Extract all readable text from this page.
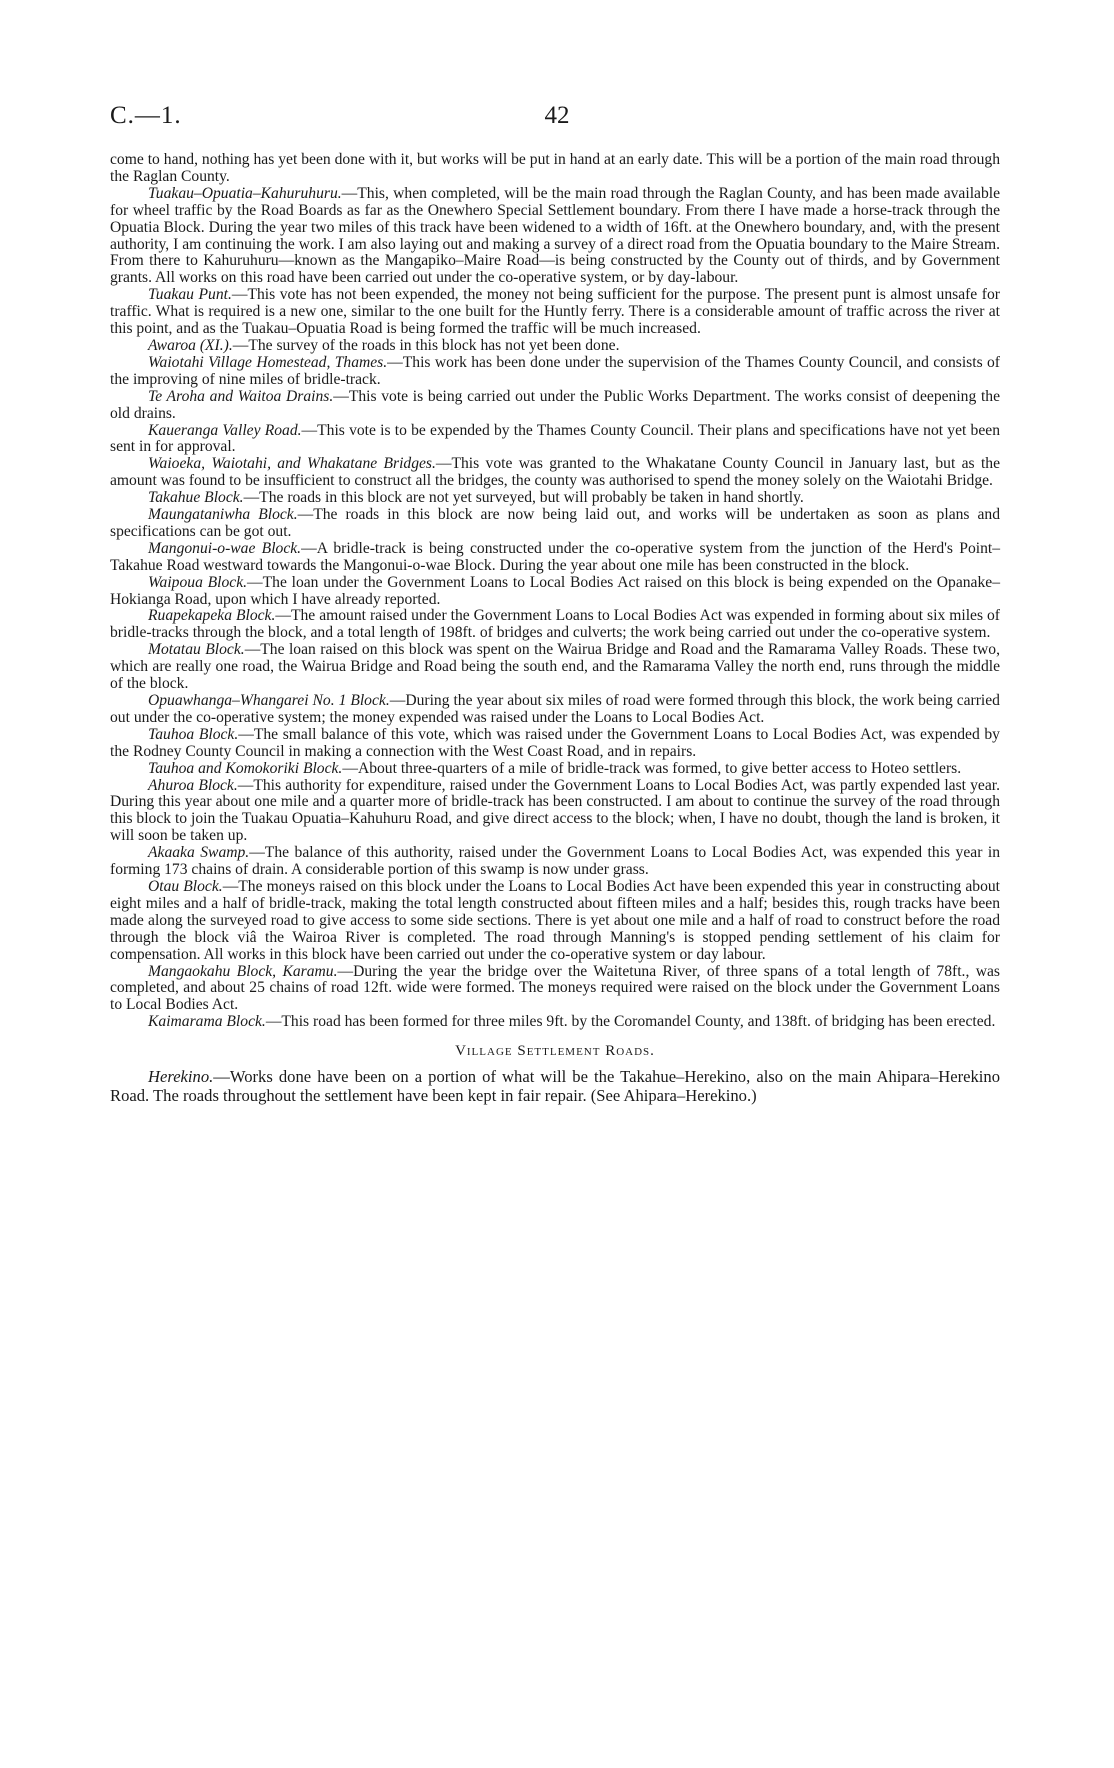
C.—1.	42

come to hand, nothing has yet been done with it, but works will be put in hand at an early date. This will be a portion of the main road through the Raglan County.

Tuakau–Opuatia–Kahuruhuru.—This, when completed, will be the main road through the Raglan County, and has been made available for wheel traffic by the Road Boards as far as the Onewhero Special Settlement boundary. From there I have made a horse-track through the Opuatia Block. During the year two miles of this track have been widened to a width of 16ft. at the Onewhero boundary, and, with the present authority, I am continuing the work. I am also laying out and making a survey of a direct road from the Opuatia boundary to the Maire Stream. From there to Kahuruhuru—known as the Mangapiko–Maire Road—is being constructed by the County out of thirds, and by Government grants. All works on this road have been carried out under the co-operative system, or by day-labour.

Tuakau Punt.—This vote has not been expended, the money not being sufficient for the purpose. The present punt is almost unsafe for traffic. What is required is a new one, similar to the one built for the Huntly ferry. There is a considerable amount of traffic across the river at this point, and as the Tuakau–Opuatia Road is being formed the traffic will be much increased.

Awaroa (XI.).—The survey of the roads in this block has not yet been done.

Waiotahi Village Homestead, Thames.—This work has been done under the supervision of the Thames County Council, and consists of the improving of nine miles of bridle-track.

Te Aroha and Waitoa Drains.—This vote is being carried out under the Public Works Department. The works consist of deepening the old drains.

Kaueranga Valley Road.—This vote is to be expended by the Thames County Council. Their plans and specifications have not yet been sent in for approval.

Waioeka, Waiotahi, and Whakatane Bridges.—This vote was granted to the Whakatane County Council in January last, but as the amount was found to be insufficient to construct all the bridges, the county was authorised to spend the money solely on the Waiotahi Bridge.

Takahue Block.—The roads in this block are not yet surveyed, but will probably be taken in hand shortly.

Maungataniwha Block.—The roads in this block are now being laid out, and works will be undertaken as soon as plans and specifications can be got out.

Mangonui-o-wae Block.—A bridle-track is being constructed under the co-operative system from the junction of the Herd's Point–Takahue Road westward towards the Mangonui-o-wae Block. During the year about one mile has been constructed in the block.

Waipoua Block.—The loan under the Government Loans to Local Bodies Act raised on this block is being expended on the Opanake–Hokianga Road, upon which I have already reported.

Ruapekapeka Block.—The amount raised under the Government Loans to Local Bodies Act was expended in forming about six miles of bridle-tracks through the block, and a total length of 198ft. of bridges and culverts; the work being carried out under the co-operative system.

Motatau Block.—The loan raised on this block was spent on the Wairua Bridge and Road and the Ramarama Valley Roads. These two, which are really one road, the Wairua Bridge and Road being the south end, and the Ramarama Valley the north end, runs through the middle of the block.

Opuawhanga–Whangarei No. 1 Block.—During the year about six miles of road were formed through this block, the work being carried out under the co-operative system; the money expended was raised under the Loans to Local Bodies Act.

Tauhoa Block.—The small balance of this vote, which was raised under the Government Loans to Local Bodies Act, was expended by the Rodney County Council in making a connection with the West Coast Road, and in repairs.

Tauhoa and Komokoriki Block.—About three-quarters of a mile of bridle-track was formed, to give better access to Hoteo settlers.

Ahuroa Block.—This authority for expenditure, raised under the Government Loans to Local Bodies Act, was partly expended last year. During this year about one mile and a quarter more of bridle-track has been constructed. I am about to continue the survey of the road through this block to join the Tuakau Opuatia–Kahuhuru Road, and give direct access to the block; when, I have no doubt, though the land is broken, it will soon be taken up.

Akaaka Swamp.—The balance of this authority, raised under the Government Loans to Local Bodies Act, was expended this year in forming 173 chains of drain. A considerable portion of this swamp is now under grass.

Otau Block.—The moneys raised on this block under the Loans to Local Bodies Act have been expended this year in constructing about eight miles and a half of bridle-track, making the total length constructed about fifteen miles and a half; besides this, rough tracks have been made along the surveyed road to give access to some side sections. There is yet about one mile and a half of road to construct before the road through the block viâ the Wairoa River is completed. The road through Manning's is stopped pending settlement of his claim for compensation. All works in this block have been carried out under the co-operative system or day labour.

Mangaokahu Block, Karamu.—During the year the bridge over the Waitetuna River, of three spans of a total length of 78ft., was completed, and about 25 chains of road 12ft. wide were formed. The moneys required were raised on the block under the Government Loans to Local Bodies Act.

Kaimarama Block.—This road has been formed for three miles 9ft. by the Coromandel County, and 138ft. of bridging has been erected.

Village Settlement Roads.

Herekino.—Works done have been on a portion of what will be the Takahue–Herekino, also on the main Ahipara–Herekino Road. The roads throughout the settlement have been kept in fair repair. (See Ahipara–Herekino.)
